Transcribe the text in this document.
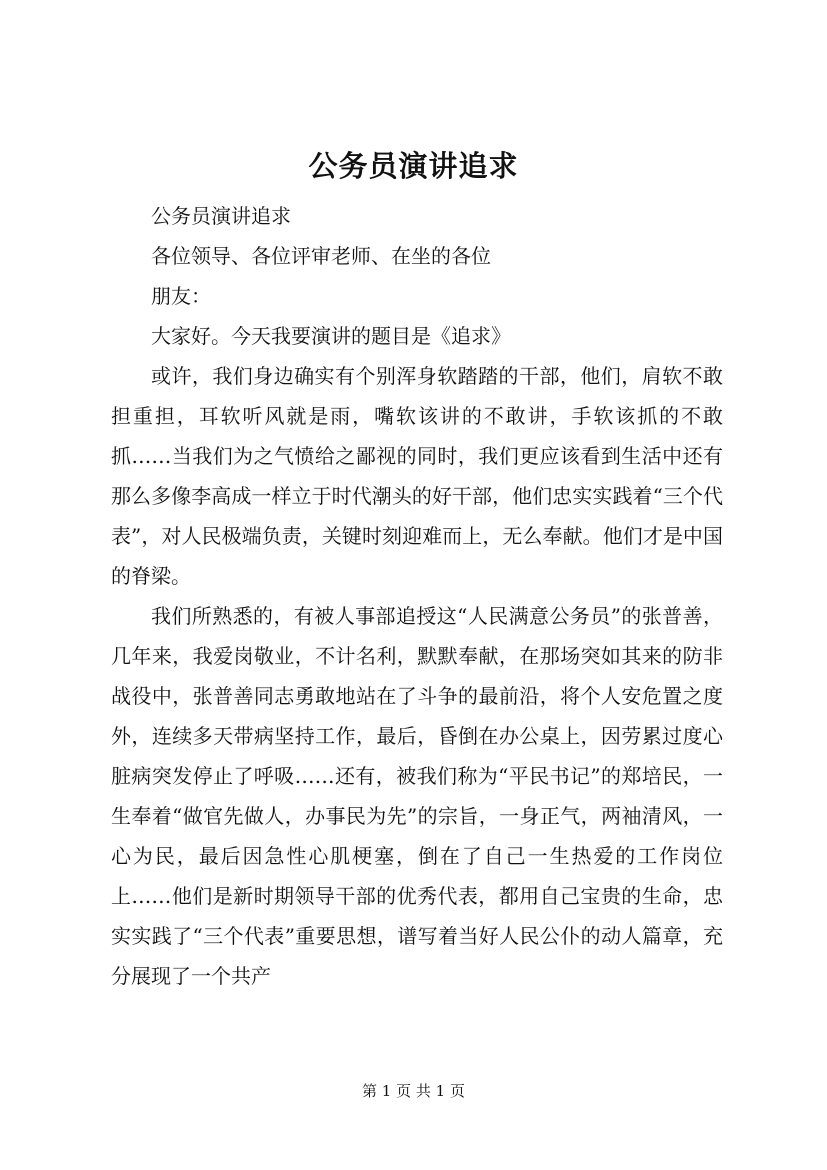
公务员演讲追求

公务员演讲追求

各位领导、各位评审老师、在坐的各位

朋友：

大家好。今天我要演讲的题目是《追求》

或许，我们身边确实有个别浑身软踏踏的干部，他们，肩软不敢担重担，耳软听风就是雨，嘴软该讲的不敢讲，手软该抓的不敢抓……当我们为之气愤给之鄙视的同时，我们更应该看到生活中还有那么多像李高成一样立于时代潮头的好干部，他们忠实实践着“三个代表”，对人民极端负责，关键时刻迎难而上，无么奉献。他们才是中国的脊梁。

我们所熟悉的，有被人事部追授这“人民满意公务员”的张普善，几年来，我爱岗敬业，不计名利，默默奉献，在那场突如其来的防非战役中，张普善同志勇敢地站在了斗争的最前沿，将个人安危置之度外，连续多天带病坚持工作，最后，昏倒在办公桌上，因劳累过度心脏病突发停止了呼吸……还有，被我们称为“平民书记”的郑培民，一生奉着“做官先做人，办事民为先”的宗旨，一身正气，两袖清风，一心为民，最后因急性心肌梗塞，倒在了自己一生热爱的工作岗位上……他们是新时期领导干部的优秀代表，都用自己宝贵的生命，忠实实践了“三个代表”重要思想，谱写着当好人民公仆的动人篇章，充分展现了一个共产

第 1 页 共 1 页
